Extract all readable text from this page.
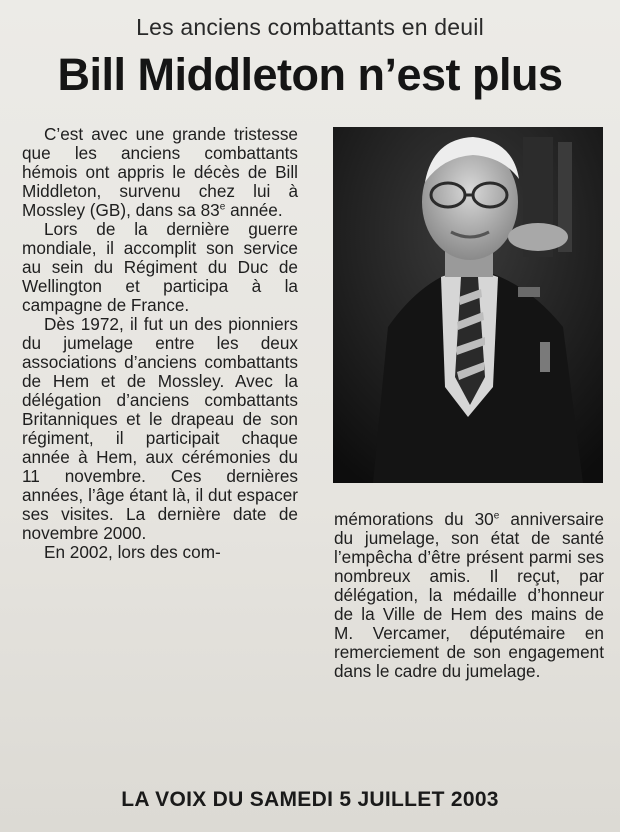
Les anciens combattants en deuil
Bill Middleton n’est plus

C’est avec une grande tristesse que les anciens combattants hémois ont appris le décès de Bill Middleton, survenu chez lui à Mossley (GB), dans sa 83e année.

Lors de la dernière guerre mondiale, il accomplit son service au sein du Régiment du Duc de Wellington et participa à la campagne de France.

Dès 1972, il fut un des pionniers du jumelage entre les deux associations d’anciens combattants de Hem et de Mossley. Avec la délégation d’anciens combattants Britanniques et le drapeau de son régiment, il participait chaque année à Hem, aux cérémonies du 11 novembre. Ces dernières années, l’âge étant là, il dut espacer ses visites. La dernière date de novembre 2000.

En 2002, lors des com-

mémorations du 30e anniversaire du jumelage, son état de santé l’empêcha d’être présent parmi ses nombreux amis. Il reçut, par délégation, la médaille d’honneur de la Ville de Hem des mains de M. Vercamer, députémaire en remerciement de son engagement dans le cadre du jumelage.

LA VOIX DU SAMEDI 5 JUILLET 2003
